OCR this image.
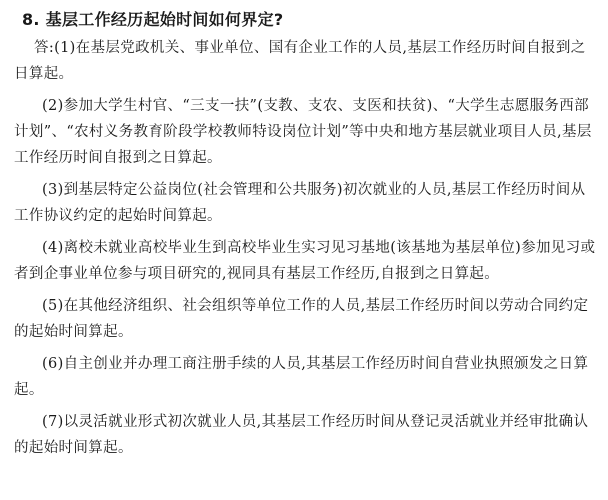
8. 基层工作经历起始时间如何界定?

答:(1)在基层党政机关、事业单位、国有企业工作的人员,基层工作经历时间自报到之日算起。

(2)参加大学生村官、“三支一扶”(支教、支农、支医和扶贫)、“大学生志愿服务西部计划”、“农村义务教育阶段学校教师特设岗位计划”等中央和地方基层就业项目人员,基层工作经历时间自报到之日算起。

(3)到基层特定公益岗位(社会管理和公共服务)初次就业的人员,基层工作经历时间从工作协议约定的起始时间算起。

(4)离校未就业高校毕业生到高校毕业生实习见习基地(该基地为基层单位)参加见习或者到企事业单位参与项目研究的,视同具有基层工作经历,自报到之日算起。

(5)在其他经济组织、社会组织等单位工作的人员,基层工作经历时间以劳动合同约定的起始时间算起。

(6)自主创业并办理工商注册手续的人员,其基层工作经历时间自营业执照颁发之日算起。

(7)以灵活就业形式初次就业人员,其基层工作经历时间从登记灵活就业并经审批确认的起始时间算起。
